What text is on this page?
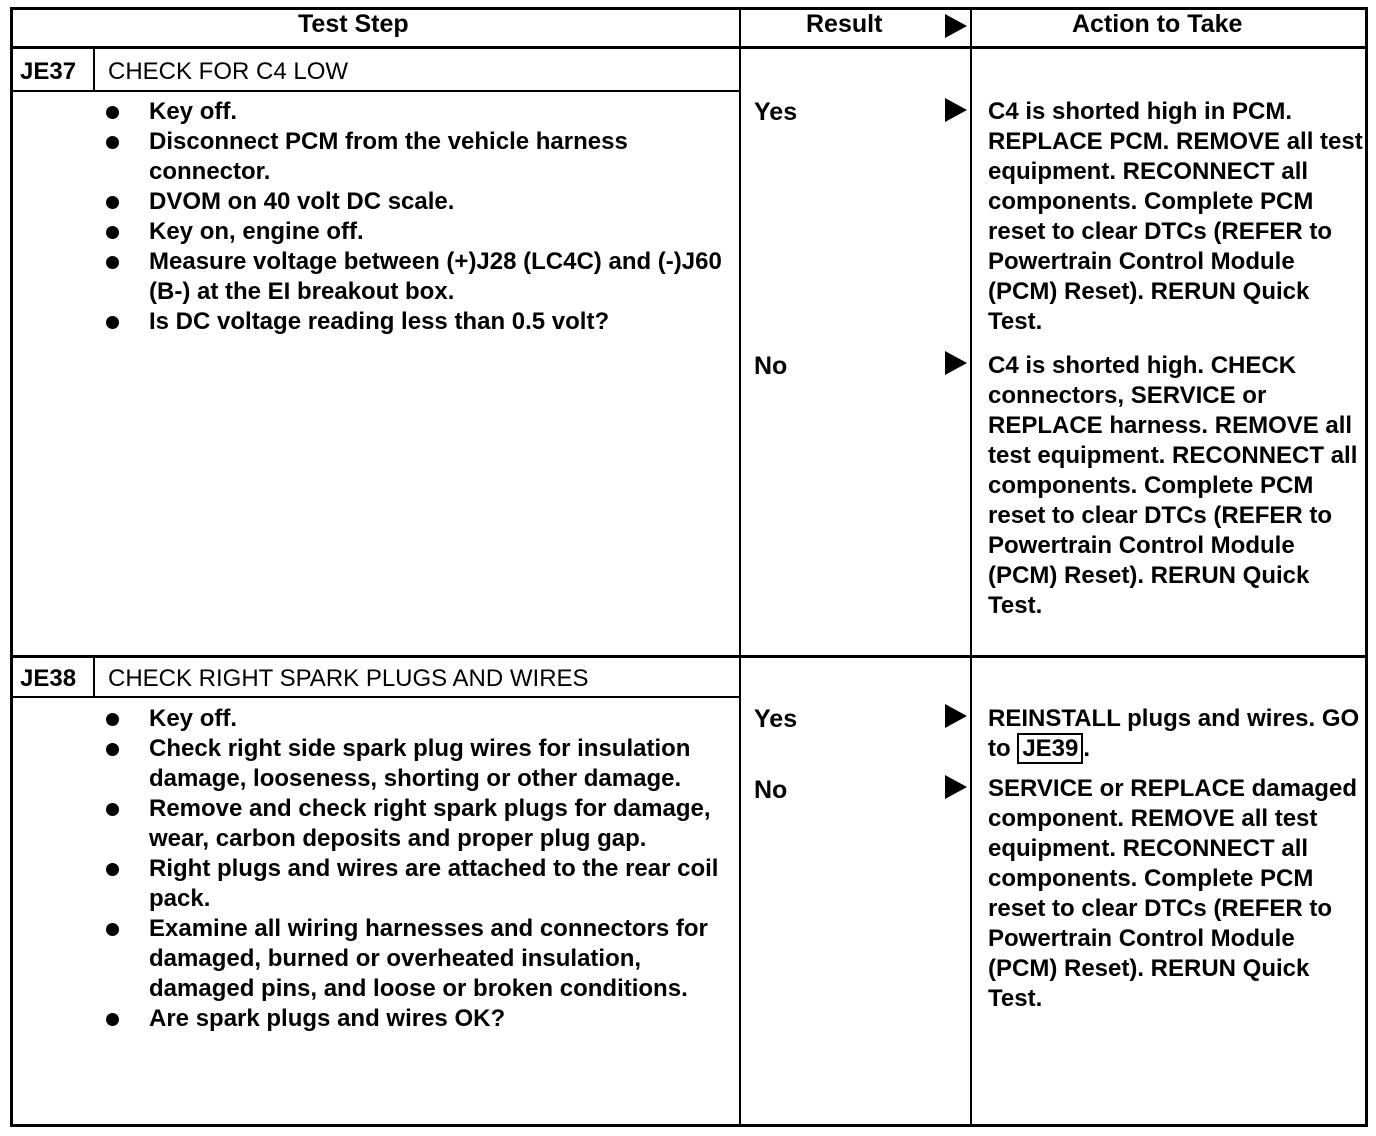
Test Step	Result	Action to Take
JE37 CHECK FOR C4 LOW
Key off.
Disconnect PCM from the vehicle harness connector.
DVOM on 40 volt DC scale.
Key on, engine off.
Measure voltage between (+)J28 (LC4C) and (-)J60 (B-) at the EI breakout box.
Is DC voltage reading less than 0.5 volt?
Yes	C4 is shorted high in PCM. REPLACE PCM. REMOVE all test equipment. RECONNECT all components. Complete PCM reset to clear DTCs (REFER to Powertrain Control Module (PCM) Reset). RERUN Quick Test.
No	C4 is shorted high. CHECK connectors, SERVICE or REPLACE harness. REMOVE all test equipment. RECONNECT all components. Complete PCM reset to clear DTCs (REFER to Powertrain Control Module (PCM) Reset). RERUN Quick Test.
JE38 CHECK RIGHT SPARK PLUGS AND WIRES
Key off.
Check right side spark plug wires for insulation damage, looseness, shorting or other damage.
Remove and check right spark plugs for damage, wear, carbon deposits and proper plug gap.
Right plugs and wires are attached to the rear coil pack.
Examine all wiring harnesses and connectors for damaged, burned or overheated insulation, damaged pins, and loose or broken conditions.
Are spark plugs and wires OK?
Yes	REINSTALL plugs and wires. GO to JE39 .
No	SERVICE or REPLACE damaged component. REMOVE all test equipment. RECONNECT all components. Complete PCM reset to clear DTCs (REFER to Powertrain Control Module (PCM) Reset). RERUN Quick Test.
